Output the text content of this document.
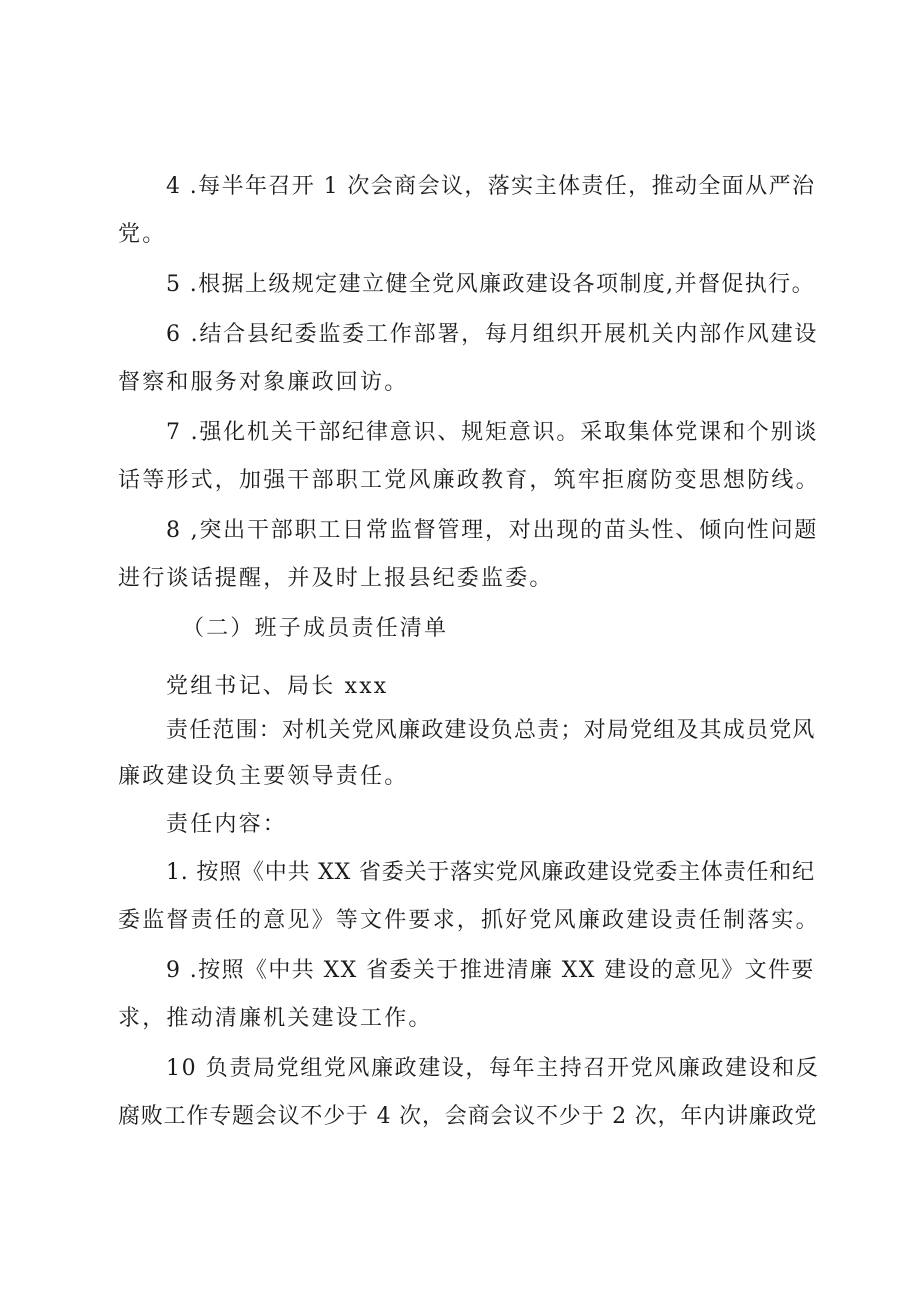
4 .每半年召开 1 次会商会议，落实主体责任，推动全面从严治
党。
5 .根据上级规定建立健全党风廉政建设各项制度,并督促执行。
6 .结合县纪委监委工作部署，每月组织开展机关内部作风建设
督察和服务对象廉政回访。
7 .强化机关干部纪律意识、规矩意识。采取集体党课和个别谈
话等形式，加强干部职工党风廉政教育，筑牢拒腐防变思想防线。
8 ,突出干部职工日常监督管理，对出现的苗头性、倾向性问题
进行谈话提醒，并及时上报县纪委监委。
（二）班子成员责任清单
党组书记、局长 xxx
责任范围：对机关党风廉政建设负总责；对局党组及其成员党风
廉政建设负主要领导责任。
责任内容：
1. 按照《中共 XX 省委关于落实党风廉政建设党委主体责任和纪
委监督责任的意见》等文件要求，抓好党风廉政建设责任制落实。
9 .按照《中共 XX 省委关于推进清廉 XX 建设的意见》文件要
求，推动清廉机关建设工作。
10 负责局党组党风廉政建设，每年主持召开党风廉政建设和反
腐败工作专题会议不少于 4 次，会商会议不少于 2 次，年内讲廉政党
